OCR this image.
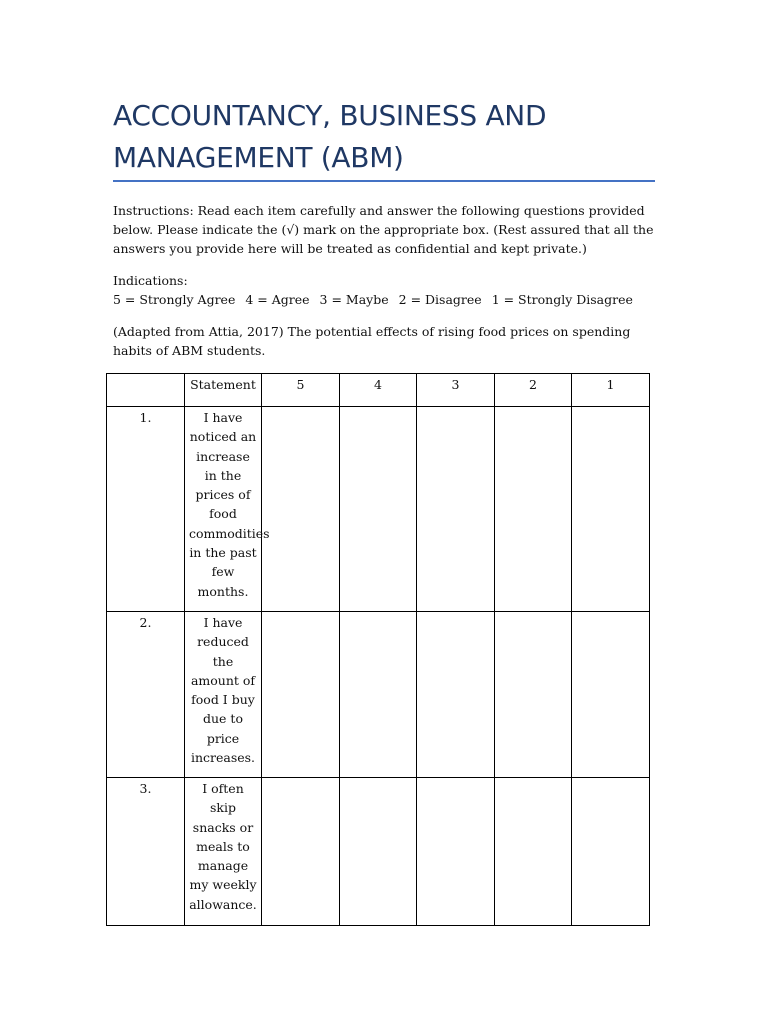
ACCOUNTANCY, BUSINESS AND MANAGEMENT (ABM)
Instructions: Read each item carefully and answer the following questions provided below. Please indicate the (√) mark on the appropriate box. (Rest assured that all the answers you provide here will be treated as confidential and kept private.)
Indications:
5 = Strongly Agree 4 = Agree 3 = Maybe 2 = Disagree 1 = Strongly Disagree
(Adapted from Attia, 2017) The potential effects of rising food prices on spending habits of ABM students.
	Statement	5	4	3	2	1
1.	I have noticed an increase in the prices of food commodities in the past few months.					
2.	I have reduced the amount of food I buy due to price increases.					
3.	I often skip snacks or meals to manage my weekly allowance.					
